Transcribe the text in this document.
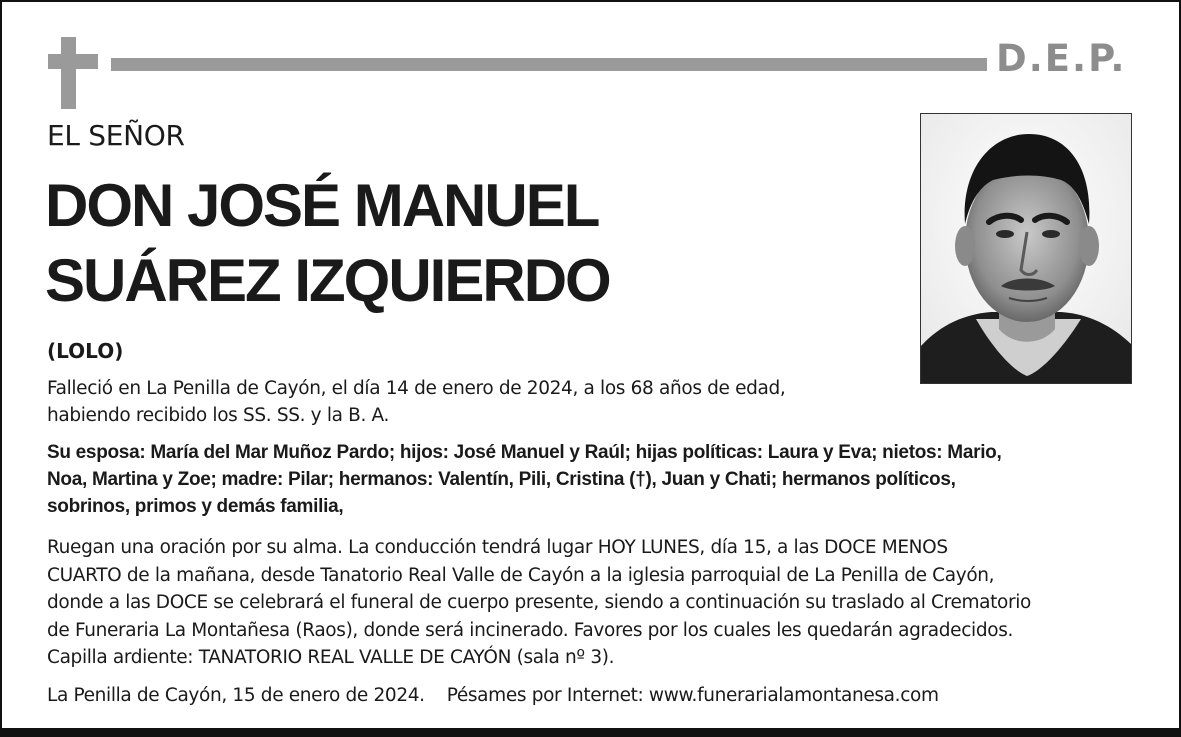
D.E.P.
EL SEÑOR
DON JOSÉ MANUEL
SUÁREZ IZQUIERDO
(LOLO)
Falleció en La Penilla de Cayón, el día 14 de enero de 2024, a los 68 años de edad,
habiendo recibido los SS. SS. y la B. A.
Su esposa: María del Mar Muñoz Pardo; hijos: José Manuel y Raúl; hijas políticas: Laura y Eva; nietos: Mario,
Noa, Martina y Zoe; madre: Pilar; hermanos: Valentín, Pili, Cristina (†), Juan y Chati; hermanos políticos,
sobrinos, primos y demás familia,
Ruegan una oración por su alma. La conducción tendrá lugar HOY LUNES, día 15, a las DOCE MENOS
CUARTO de la mañana, desde Tanatorio Real Valle de Cayón a la iglesia parroquial de La Penilla de Cayón,
donde a las DOCE se celebrará el funeral de cuerpo presente, siendo a continuación su traslado al Crematorio
de Funeraria La Montañesa (Raos), donde será incinerado. Favores por los cuales les quedarán agradecidos.
Capilla ardiente: TANATORIO REAL VALLE DE CAYÓN (sala nº 3).
La Penilla de Cayón, 15 de enero de 2024. Pésames por Internet: www.funerarialamontanesa.com
